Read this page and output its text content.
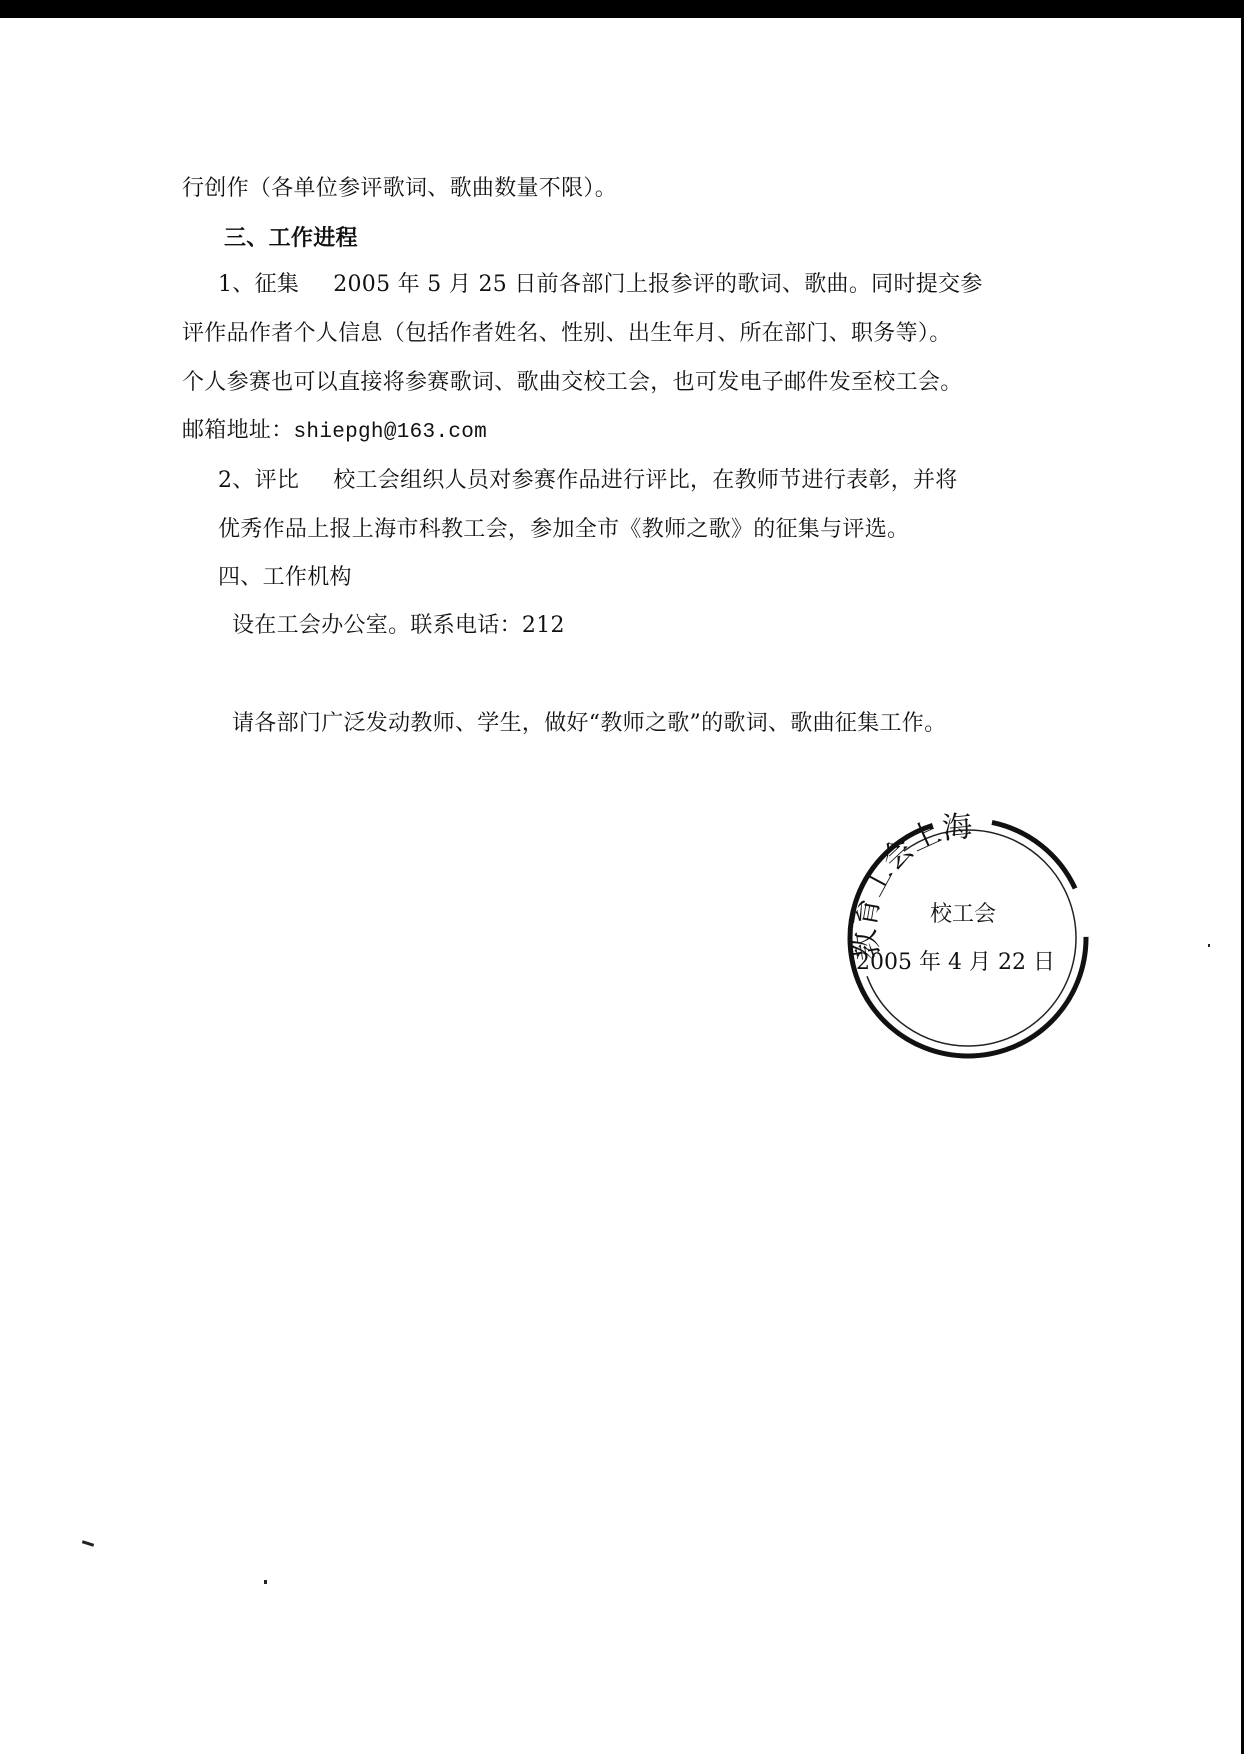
行创作（各单位参评歌词、歌曲数量不限）。
三、工作进程
1、征集 2005 年 5 月 25 日前各部门上报参评的歌词、歌曲。同时提交参
评作品作者个人信息（包括作者姓名、性别、出生年月、所在部门、职务等）。
个人参赛也可以直接将参赛歌词、歌曲交校工会，也可发电子邮件发至校工会。
邮箱地址：shiepgh@163.com
2、评比 校工会组织人员对参赛作品进行评比，在教师节进行表彰，并将
优秀作品上报上海市科教工会，参加全市《教师之歌》的征集与评选。
四、工作机构
设在工会办公室。联系电话：212
请各部门广泛发动教师、学生，做好“教师之歌”的歌词、歌曲征集工作。
教育工会上海
校工会
2005 年 4 月 22 日
